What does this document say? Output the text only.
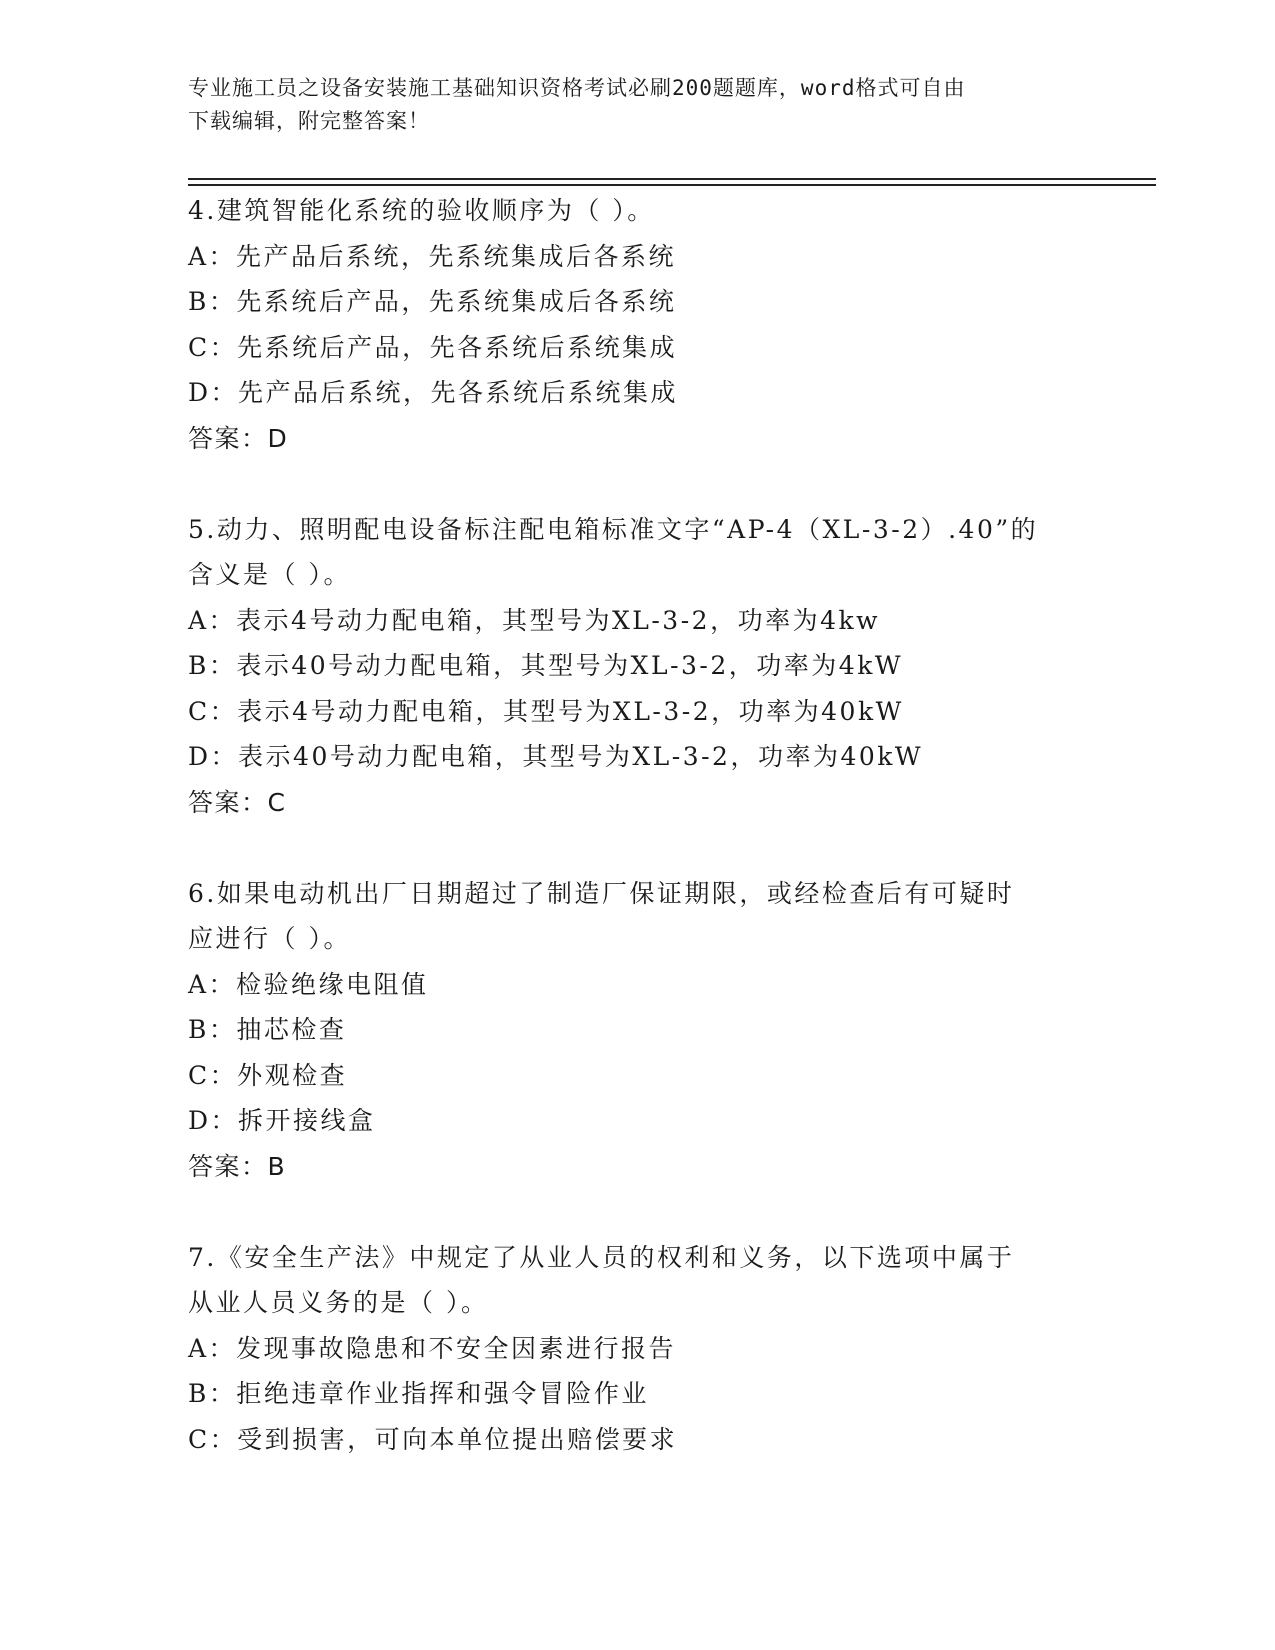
专业施工员之设备安装施工基础知识资格考试必刷200题题库，word格式可自由
下载编辑，附完整答案！
4.建筑智能化系统的验收顺序为（ ）。
A：先产品后系统，先系统集成后各系统
B：先系统后产品，先系统集成后各系统
C：先系统后产品，先各系统后系统集成
D：先产品后系统，先各系统后系统集成
答案：D
5.动力、照明配电设备标注配电箱标准文字“AP-4（XL-3-2）.40”的
含义是（ ）。
A：表示4号动力配电箱，其型号为XL-3-2，功率为4kw
B：表示40号动力配电箱，其型号为XL-3-2，功率为4kW
C：表示4号动力配电箱，其型号为XL-3-2，功率为40kW
D：表示40号动力配电箱，其型号为XL-3-2，功率为40kW
答案：C
6.如果电动机出厂日期超过了制造厂保证期限，或经检查后有可疑时
应进行（ ）。
A：检验绝缘电阻值
B：抽芯检查
C：外观检查
D：拆开接线盒
答案：B
7.《安全生产法》中规定了从业人员的权利和义务，以下选项中属于
从业人员义务的是（ ）。
A：发现事故隐患和不安全因素进行报告
B：拒绝违章作业指挥和强令冒险作业
C：受到损害，可向本单位提出赔偿要求
